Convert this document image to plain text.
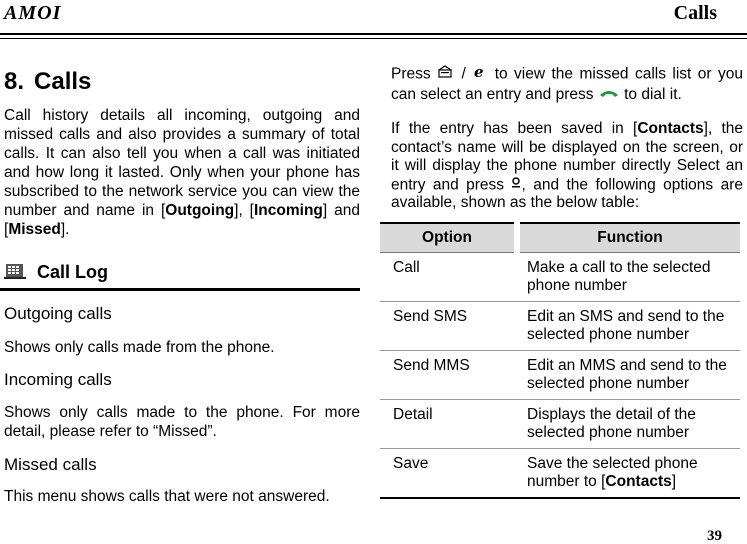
AMOI	Calls
8. Calls
Call history details all incoming, outgoing and missed calls and also provides a summary of total calls. It can also tell you when a call was initiated and how long it lasted. Only when your phone has subscribed to the network service you can view the number and name in [Outgoing], [Incoming] and [Missed].
Call Log
Outgoing calls
Shows only calls made from the phone.
Incoming calls
Shows only calls made to the phone. For more detail, please refer to “Missed”.
Missed calls
This menu shows calls that were not answered.
Press / e to view the missed calls list or you can select an entry and press to dial it.
If the entry has been saved in [Contacts], the contact’s name will be displayed on the screen, or it will display the phone number directly Select an entry and press , and the following options are available, shown as the below table:
Option	Function
Call	Make a call to the selected phone number
Send SMS	Edit an SMS and send to the selected phone number
Send MMS	Edit an MMS and send to the selected phone number
Detail	Displays the detail of the selected phone number
Save	Save the selected phone number to [Contacts]
39
